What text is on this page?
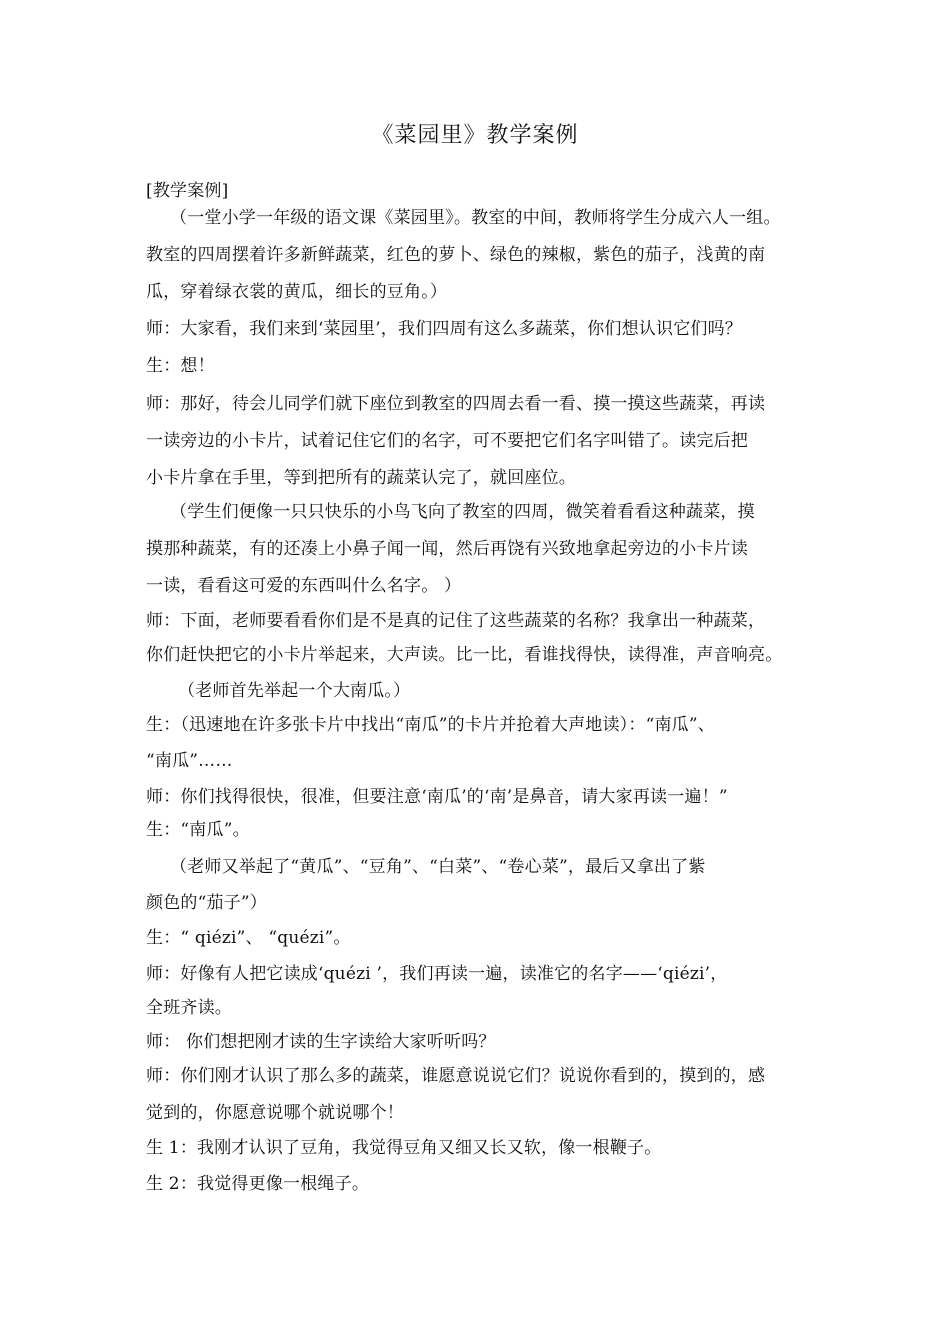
《菜园里》教学案例
[教学案例]
（一堂小学一年级的语文课《菜园里》。教室的中间，教师将学生分成六人一组。
教室的四周摆着许多新鲜蔬菜，红色的萝卜、绿色的辣椒，紫色的茄子，浅黄的南
瓜，穿着绿衣裳的黄瓜，细长的豆角。）
师：大家看，我们来到‘菜园里’，我们四周有这么多蔬菜，你们想认识它们吗？
生：想！
师：那好，待会儿同学们就下座位到教室的四周去看一看、摸一摸这些蔬菜，再读
一读旁边的小卡片，试着记住它们的名字，可不要把它们名字叫错了。读完后把
小卡片拿在手里，等到把所有的蔬菜认完了，就回座位。
（学生们便像一只只快乐的小鸟飞向了教室的四周，微笑着看看这种蔬菜，摸
摸那种蔬菜，有的还凑上小鼻子闻一闻，然后再饶有兴致地拿起旁边的小卡片读
一读，看看这可爱的东西叫什么名字。 ）
师：下面，老师要看看你们是不是真的记住了这些蔬菜的名称？我拿出一种蔬菜，
你们赶快把它的小卡片举起来，大声读。比一比，看谁找得快，读得准，声音响亮。
（老师首先举起一个大南瓜。）
生：（迅速地在许多张卡片中找出“南瓜”的卡片并抢着大声地读）：“南瓜”、
“南瓜”……
师：你们找得很快，很准，但要注意‘南瓜’的‘南’是鼻音，请大家再读一遍！”
生：“南瓜”。
（老师又举起了“黄瓜”、“豆角”、“白菜”、“卷心菜”，最后又拿出了紫
颜色的“茄子”）
生：“ qiézi”、 “quézi”。
师：好像有人把它读成‘quézi ’，我们再读一遍，读准它的名字——‘qiézi’，
全班齐读。
师： 你们想把刚才读的生字读给大家听听吗？
师：你们刚才认识了那么多的蔬菜，谁愿意说说它们？说说你看到的，摸到的，感
觉到的，你愿意说哪个就说哪个！
生 1：我刚才认识了豆角，我觉得豆角又细又长又软，像一根鞭子。
生 2：我觉得更像一根绳子。
